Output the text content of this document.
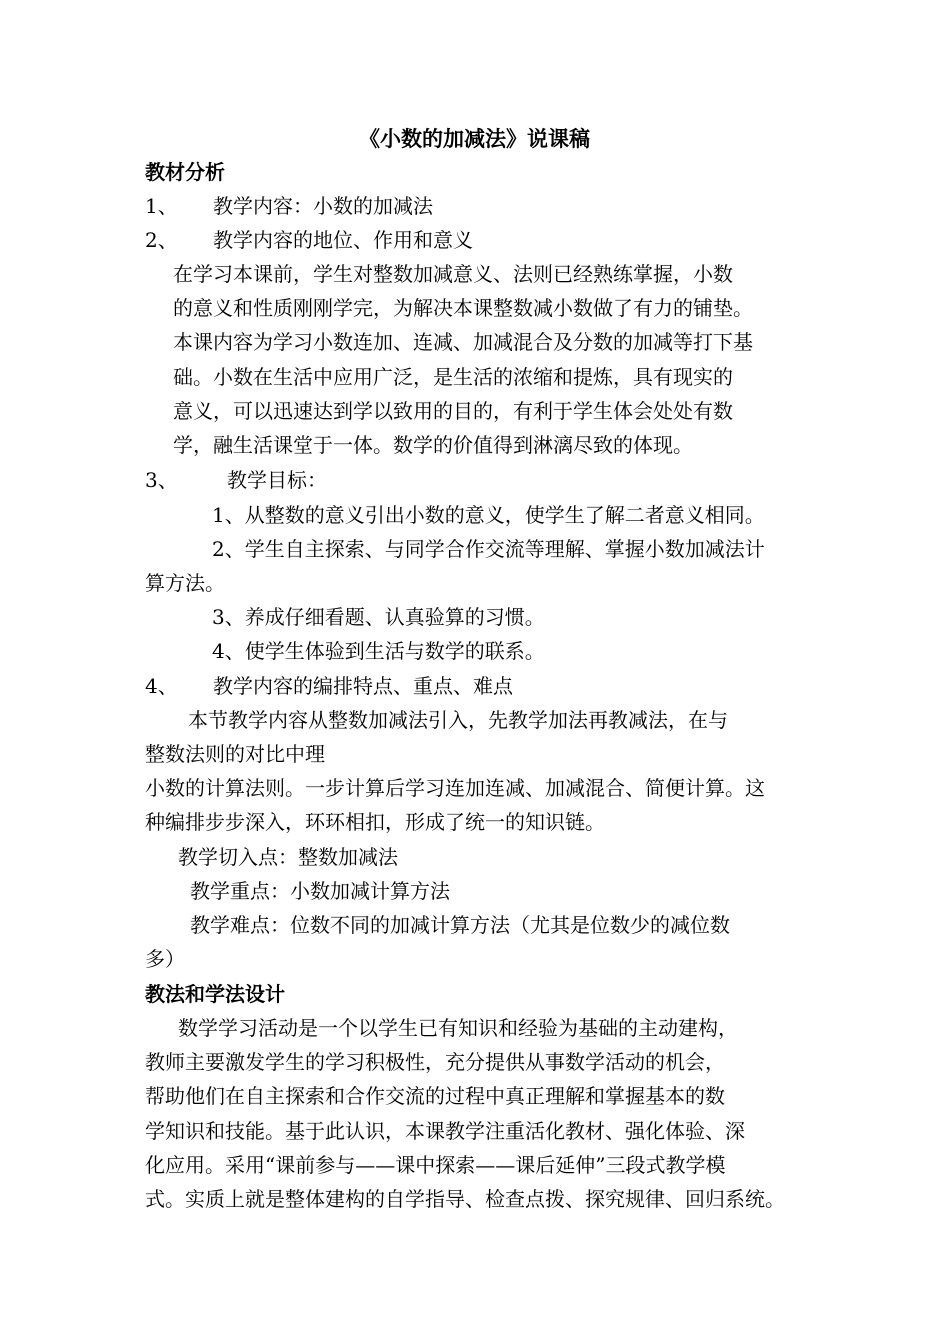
《小数的加减法》说课稿
教材分析
1、 教学内容：小数的加减法
2、 教学内容的地位、作用和意义
在学习本课前，学生对整数加减意义、法则已经熟练掌握，小数
的意义和性质刚刚学完，为解决本课整数减小数做了有力的铺垫。
本课内容为学习小数连加、连减、加减混合及分数的加减等打下基
础。小数在生活中应用广泛，是生活的浓缩和提炼，具有现实的
意义，可以迅速达到学以致用的目的，有利于学生体会处处有数
学，融生活课堂于一体。数学的价值得到淋漓尽致的体现。
3、 教学目标：
1、从整数的意义引出小数的意义，使学生了解二者意义相同。
2、学生自主探索、与同学合作交流等理解、掌握小数加减法计
算方法。
3、养成仔细看题、认真验算的习惯。
4、使学生体验到生活与数学的联系。
4、 教学内容的编排特点、重点、难点
本节教学内容从整数加减法引入，先教学加法再教减法，在与
整数法则的对比中理
小数的计算法则。一步计算后学习连加连减、加减混合、简便计算。这
种编排步步深入，环环相扣，形成了统一的知识链。
教学切入点：整数加减法
教学重点：小数加减计算方法
教学难点：位数不同的加减计算方法（尤其是位数少的减位数
多）
教法和学法设计
数学学习活动是一个以学生已有知识和经验为基础的主动建构，
教师主要激发学生的学习积极性，充分提供从事数学活动的机会，
帮助他们在自主探索和合作交流的过程中真正理解和掌握基本的数
学知识和技能。基于此认识，本课教学注重活化教材、强化体验、深
化应用。采用“课前参与——课中探索——课后延伸”三段式教学模
式。实质上就是整体建构的自学指导、检查点拨、探究规律、回归系统。
